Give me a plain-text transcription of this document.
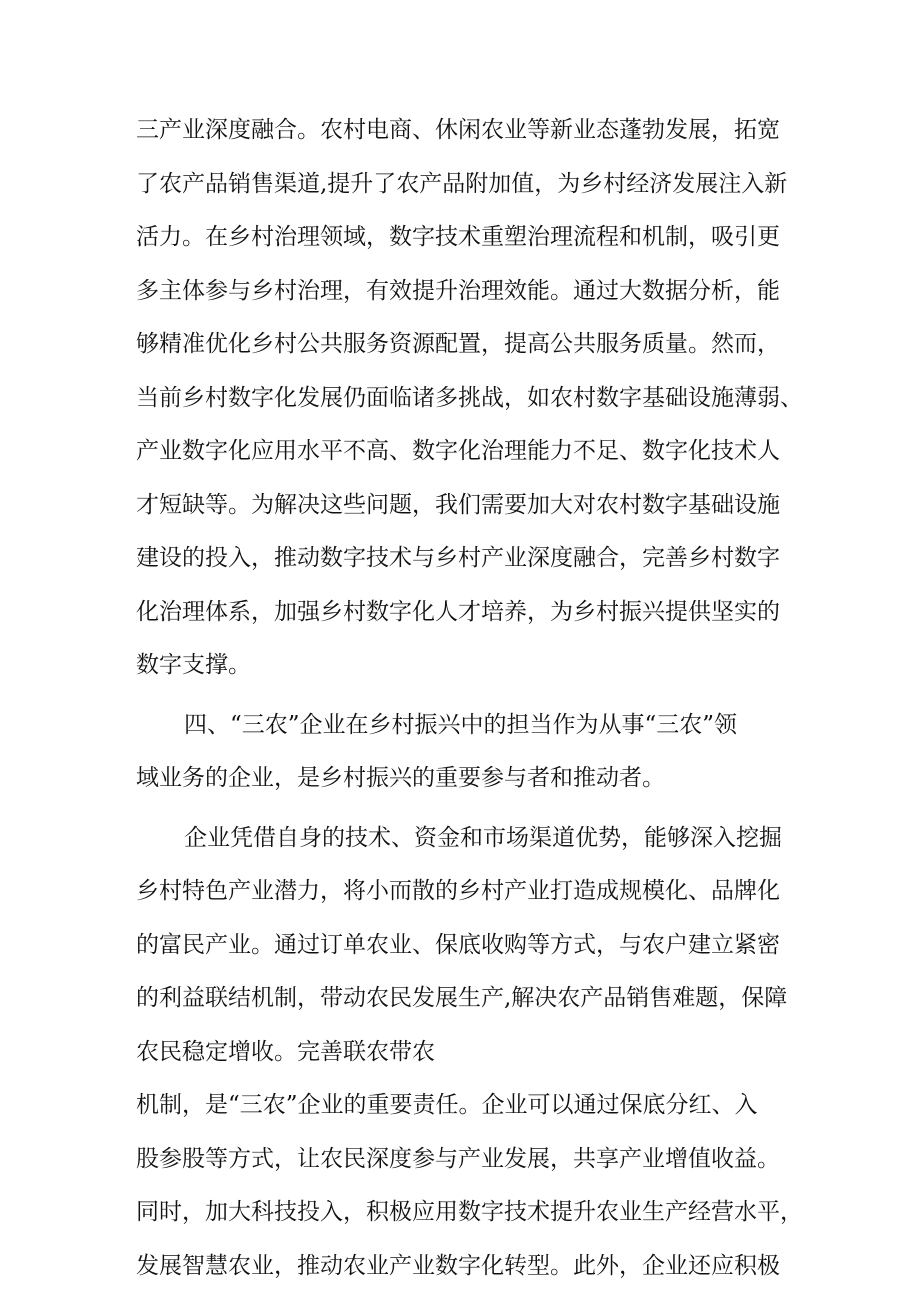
三产业深度融合。农村电商、休闲农业等新业态蓬勃发展，拓宽
了农产品销售渠道,提升了农产品附加值，为乡村经济发展注入新
活力。在乡村治理领域，数字技术重塑治理流程和机制，吸引更
多主体参与乡村治理，有效提升治理效能。通过大数据分析，能
够精准优化乡村公共服务资源配置，提高公共服务质量。然而，
当前乡村数字化发展仍面临诸多挑战，如农村数字基础设施薄弱、
产业数字化应用水平不高、数字化治理能力不足、数字化技术人
才短缺等。为解决这些问题，我们需要加大对农村数字基础设施
建设的投入，推动数字技术与乡村产业深度融合，完善乡村数字
化治理体系，加强乡村数字化人才培养，为乡村振兴提供坚实的
数字支撑。
四、“三农”企业在乡村振兴中的担当作为从事“三农”领
域业务的企业，是乡村振兴的重要参与者和推动者。
企业凭借自身的技术、资金和市场渠道优势，能够深入挖掘
乡村特色产业潜力，将小而散的乡村产业打造成规模化、品牌化
的富民产业。通过订单农业、保底收购等方式，与农户建立紧密
的利益联结机制，带动农民发展生产,解决农产品销售难题，保障
农民稳定增收。完善联农带农
机制，是“三农”企业的重要责任。企业可以通过保底分红、入
股参股等方式，让农民深度参与产业发展，共享产业增值收益。
同时，加大科技投入，积极应用数字技术提升农业生产经营水平，
发展智慧农业，推动农业产业数字化转型。此外，企业还应积极
